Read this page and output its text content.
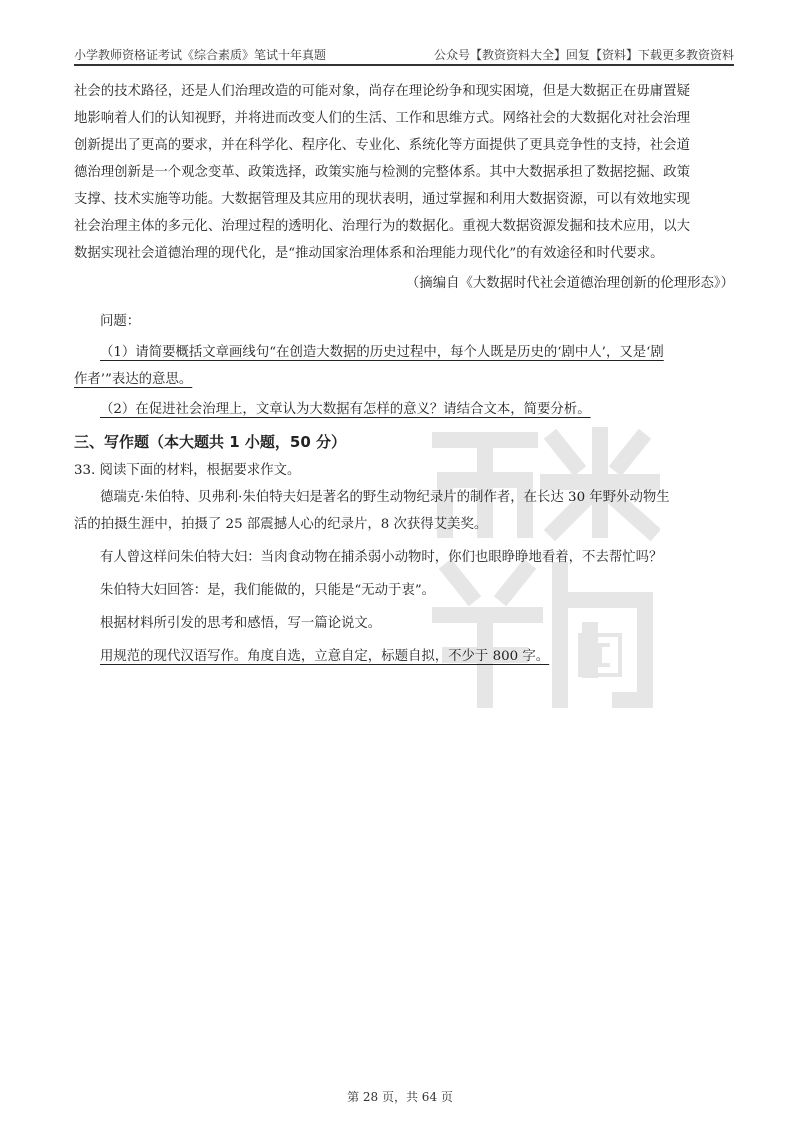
小学教师资格证考试《综合素质》笔试十年真题	公众号【教资资料大全】回复【资料】下载更多教资资料

社会的技术路径，还是人们治理改造的可能对象，尚存在理论纷争和现实困境，但是大数据正在毋庸置疑

地影响着人们的认知视野，并将进而改变人们的生活、工作和思维方式。网络社会的大数据化对社会治理

创新提出了更高的要求，并在科学化、程序化、专业化、系统化等方面提供了更具竞争性的支持，社会道

德治理创新是一个观念变革、政策选择，政策实施与检测的完整体系。其中大数据承担了数据挖掘、政策

支撑、技术实施等功能。大数据管理及其应用的现状表明，通过掌握和利用大数据资源，可以有效地实现

社会治理主体的多元化、治理过程的透明化、治理行为的数据化。重视大数据资源发掘和技术应用，以大

数据实现社会道德治理的现代化，是“推动国家治理体系和治理能力现代化”的有效途径和时代要求。

（摘编自《大数据时代社会道德治理创新的伦理形态》）

问题：

（1）请简要概括文章画线句“在创造大数据的历史过程中，每个人既是历史的‘剧中人’，又是‘剧

作者’”表达的意思。

（2）在促进社会治理上，文章认为大数据有怎样的意义？请结合文本，简要分析。

三、写作题（本大题共 1 小题，50 分）

33. 阅读下面的材料，根据要求作文。

德瑞克·朱伯特、贝弗利·朱伯特夫妇是著名的野生动物纪录片的制作者，在长达 30 年野外动物生

活的拍摄生涯中，拍摄了 25 部震撼人心的纪录片，8 次获得艾美奖。

有人曾这样问朱伯特大妇：当肉食动物在捕杀弱小动物时，你们也眼睁睁地看着，不去帮忙吗？

朱伯特大妇回答：是，我们能做的，只能是“无动于衷”。

根据材料所引发的思考和感悟，写一篇论说文。

用规范的现代汉语写作。角度自选，立意自定，标题自拟，不少于 800 字。

第 28 页，共 64 页
